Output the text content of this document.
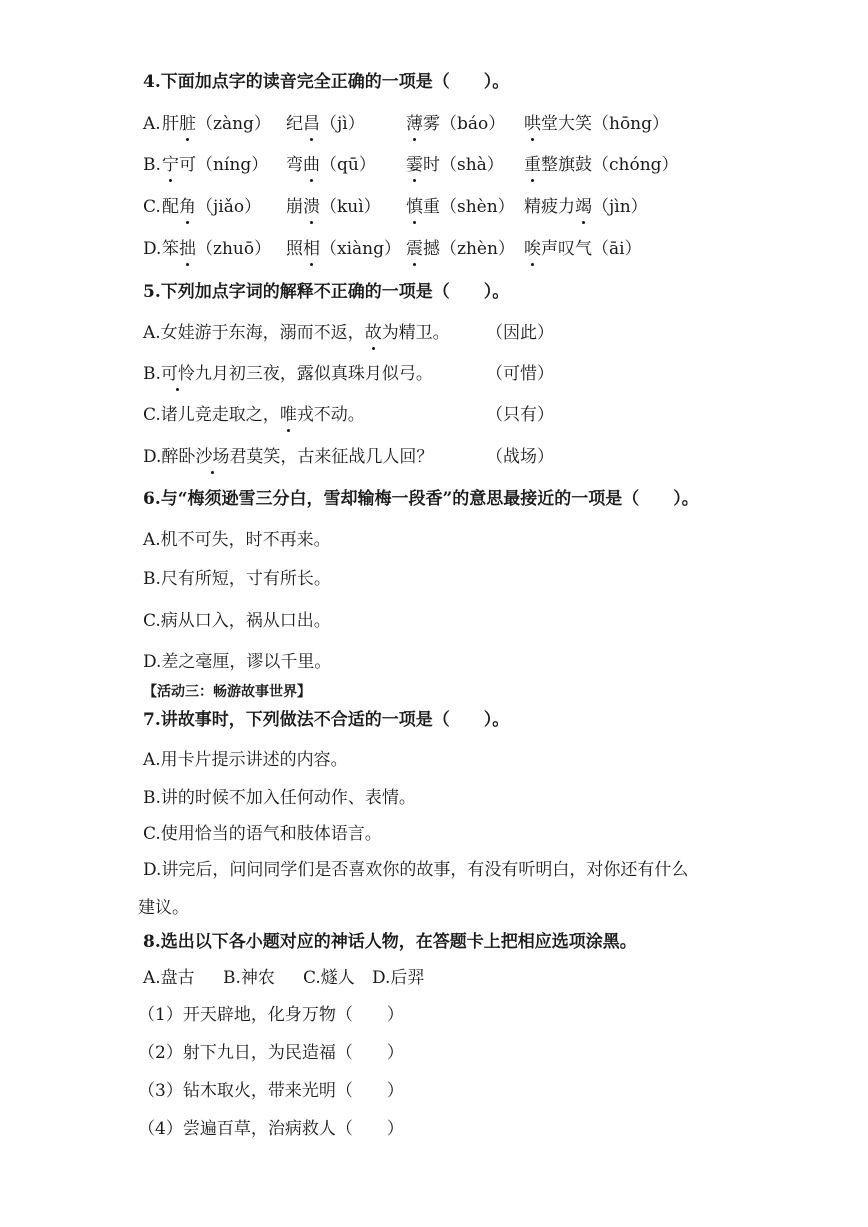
4.下面加点字的读音完全正确的一项是（　　）。
A. 肝脏（zàng） 纪昌（jì） 薄雾（báo） 哄堂大笑（hōng）
B. 宁可（níng） 弯曲（qū） 霎时（shà） 重整旗鼓（chóng）
C. 配角（jiǎo） 崩溃（kuì） 慎重（shèn） 精疲力竭（jìn）
D. 笨拙（zhuō） 照相（xiàng） 震撼（zhèn） 唉声叹气（āi）
5.下列加点字词的解释不正确的一项是（　　）。
A.女娃游于东海，溺而不返，故为精卫。 （因此）
B.可怜九月初三夜，露似真珠月似弓。	（可惜）
C.诸儿竞走取之，唯戎不动。	（只有）
D.醉卧沙场君莫笑，古来征战几人回？	（战场）
6.与“梅须逊雪三分白，雪却输梅一段香”的意思最接近的一项是（　　）。
A.机不可失，时不再来。
B.尺有所短，寸有所长。
C.病从口入，祸从口出。
D.差之毫厘，谬以千里。
【活动三：畅游故事世界】
7.讲故事时，下列做法不合适的一项是（　　）。
A.用卡片提示讲述的内容。
B.讲的时候不加入任何动作、表情。
C.使用恰当的语气和肢体语言。
D.讲完后，问问同学们是否喜欢你的故事，有没有听明白，对你还有什么
建议。
8.选出以下各小题对应的神话人物，在答题卡上把相应选项涂黑。
A.盘古 B.神农 C.燧人 D.后羿
（1）开天辟地，化身万物（　　）
（2）射下九日，为民造福（　　）
（3）钻木取火，带来光明（　　）
（4）尝遍百草，治病救人（　　）
